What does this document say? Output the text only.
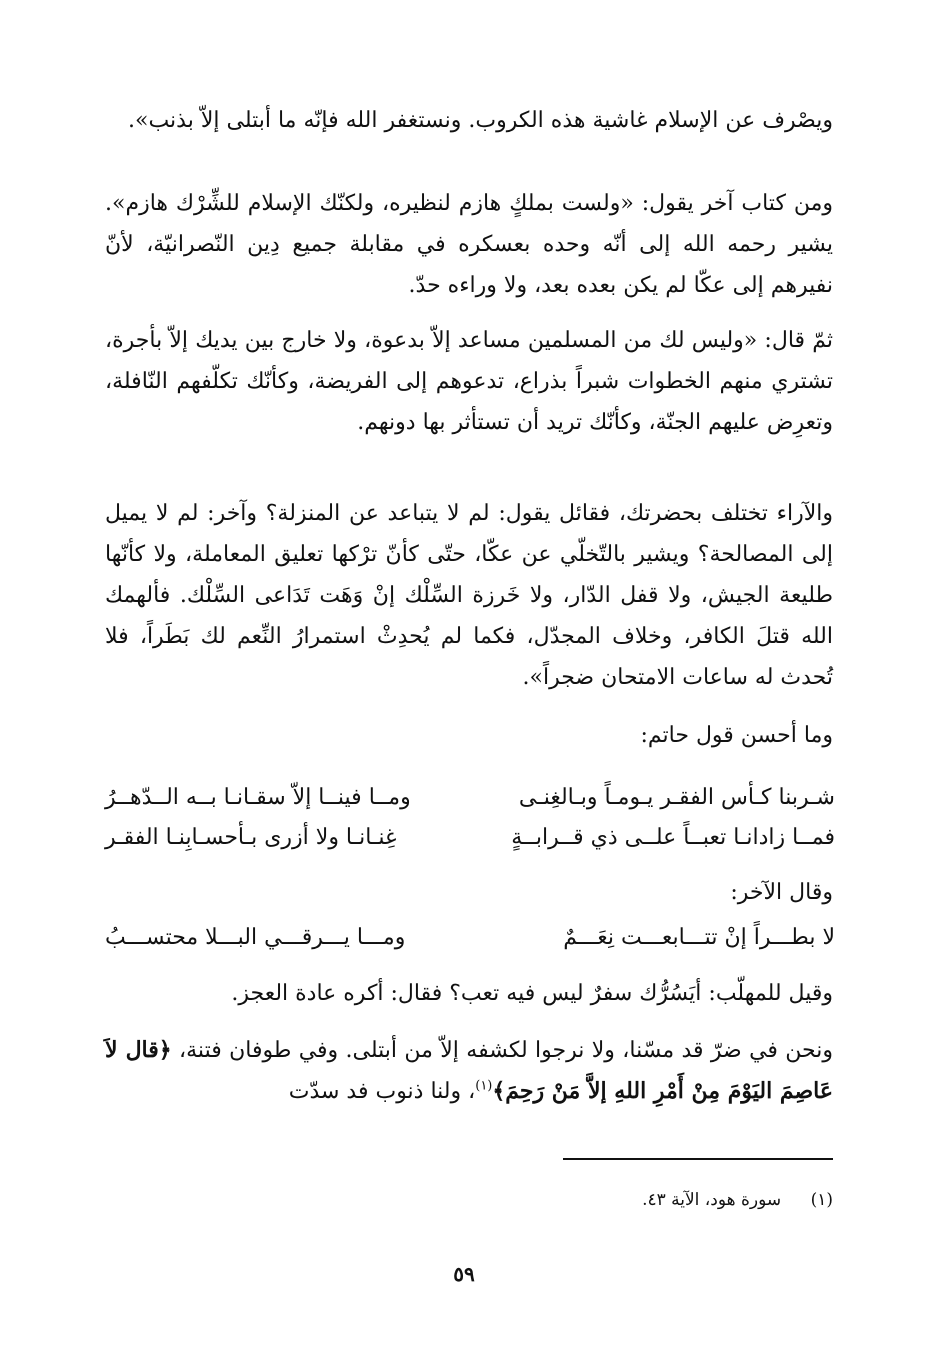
ويصْرف عن الإسلام غاشية هذه الكروب. ونستغفر الله فإنّه ما أبتلى إلاّ بذنب».

ومن كتاب آخر يقول: «ولست بملكٍ هازم لنظيره، ولكنّك الإسلام للشِّرْك هازم». يشير رحمه الله إلى أنّه وحده بعسكره في مقابلة جميع دِين النّصرانيّة، لأنّ نفيرهم إلى عكّا لم يكن بعده بعد، ولا وراءه حدّ.

ثمّ قال: «وليس لك من المسلمين مساعد إلاّ بدعوة، ولا خارج بين يديك إلاّ بأجرة، تشتري منهم الخطوات شبراً بذراع، تدعوهم إلى الفريضة، وكأنّك تكلّفهم النّافلة، وتعرِض عليهم الجنّة، وكأنّك تريد أن تستأثر بها دونهم.

والآراء تختلف بحضرتك، فقائل يقول: لم لا يتباعد عن المنزلة؟ وآخر: لم لا يميل إلى المصالحة؟ ويشير بالتّخلّي عن عكّا، حتّى كأنّ ترْكها تعليق المعاملة، ولا كأنّها طليعة الجيش، ولا قفل الدّار، ولا خَرزة السِّلْك إنْ وَهَت تَدَاعى السِّلْك. فألهمك الله قتلَ الكافر، وخلاف المجدّل، فكما لم يُحدِثْ استمرارُ النِّعم لك بَطَراً، فلا تُحدث له ساعات الامتحان ضجراً».

وما أحسن قول حاتم:

شـربنا كـأس الفقـر يـومـاً وبـالغِنـى
ومــا فينــا إلاّ سقـانـا بــه الــدّهــرُ
فمــا زادانـا تعبــاً علــى ذي قــرابــةٍ
غِنـانـا ولا أزرى بـأحسـابِنـا الفقـر
وقال الآخر:
لا بطـــراً إنْ تتـــابعـــت نِعَـــمٌ
ومـــا يـــرقـــي البـــلا محتســـبُ

وقيل للمهلّب: أيَسُرُّك سفرٌ ليس فيه تعب؟ فقال: أكره عادة العجز.

ونحن في ضرّ قد مسّنا، ولا نرجوا لكشفه إلاّ من أبتلى. وفي طوفان فتنة، ﴿قال لاَ عَاصِمَ اليَوْمَ مِنْ أَمْرِ اللهِ إلاَّ مَنْ رَحِمَ﴾$^{(١)}$، ولنا ذنوب فد سدّت

(١) سورة هود، الآية ٤٣.
٥٩
